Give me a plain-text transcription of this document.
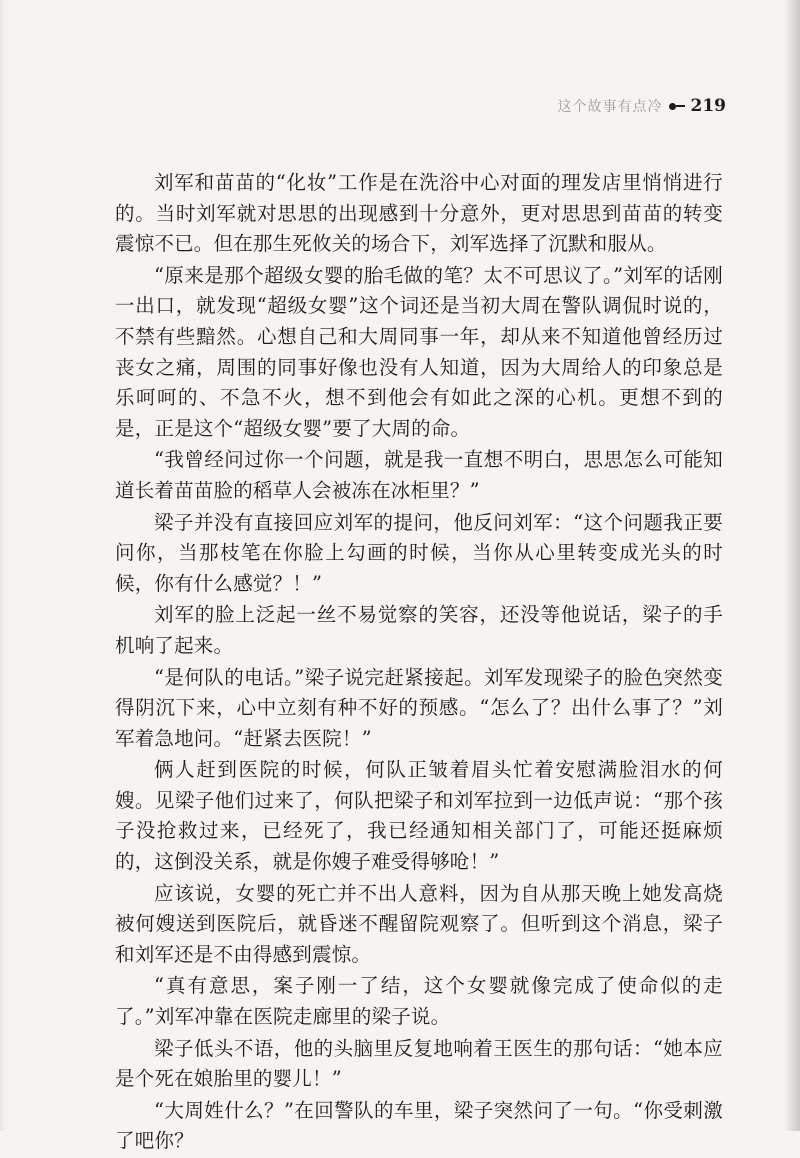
这个故事有点冷 219

刘军和苗苗的“化妆”工作是在洗浴中心对面的理发店里悄悄进行的。当时刘军就对思思的出现感到十分意外，更对思思到苗苗的转变震惊不已。但在那生死攸关的场合下，刘军选择了沉默和服从。

“原来是那个超级女婴的胎毛做的笔？太不可思议了。”刘军的话刚一出口，就发现“超级女婴”这个词还是当初大周在警队调侃时说的，不禁有些黯然。心想自己和大周同事一年，却从来不知道他曾经历过丧女之痛，周围的同事好像也没有人知道，因为大周给人的印象总是乐呵呵的、不急不火，想不到他会有如此之深的心机。更想不到的是，正是这个“超级女婴”要了大周的命。

“我曾经问过你一个问题，就是我一直想不明白，思思怎么可能知道长着苗苗脸的稻草人会被冻在冰柜里？”

梁子并没有直接回应刘军的提问，他反问刘军：“这个问题我正要问你，当那枝笔在你脸上勾画的时候，当你从心里转变成光头的时候，你有什么感觉？！”

刘军的脸上泛起一丝不易觉察的笑容，还没等他说话，梁子的手机响了起来。

“是何队的电话。”梁子说完赶紧接起。刘军发现梁子的脸色突然变得阴沉下来，心中立刻有种不好的预感。“怎么了？出什么事了？”刘军着急地问。“赶紧去医院！”

俩人赶到医院的时候，何队正皱着眉头忙着安慰满脸泪水的何嫂。见梁子他们过来了，何队把梁子和刘军拉到一边低声说：“那个孩子没抢救过来，已经死了，我已经通知相关部门了，可能还挺麻烦的，这倒没关系，就是你嫂子难受得够呛！”

应该说，女婴的死亡并不出人意料，因为自从那天晚上她发高烧被何嫂送到医院后，就昏迷不醒留院观察了。但听到这个消息，梁子和刘军还是不由得感到震惊。

“真有意思，案子刚一了结，这个女婴就像完成了使命似的走了。”刘军冲靠在医院走廊里的梁子说。

梁子低头不语，他的头脑里反复地响着王医生的那句话：“她本应是个死在娘胎里的婴儿！”

“大周姓什么？”在回警队的车里，梁子突然问了一句。“你受刺激了吧你？
